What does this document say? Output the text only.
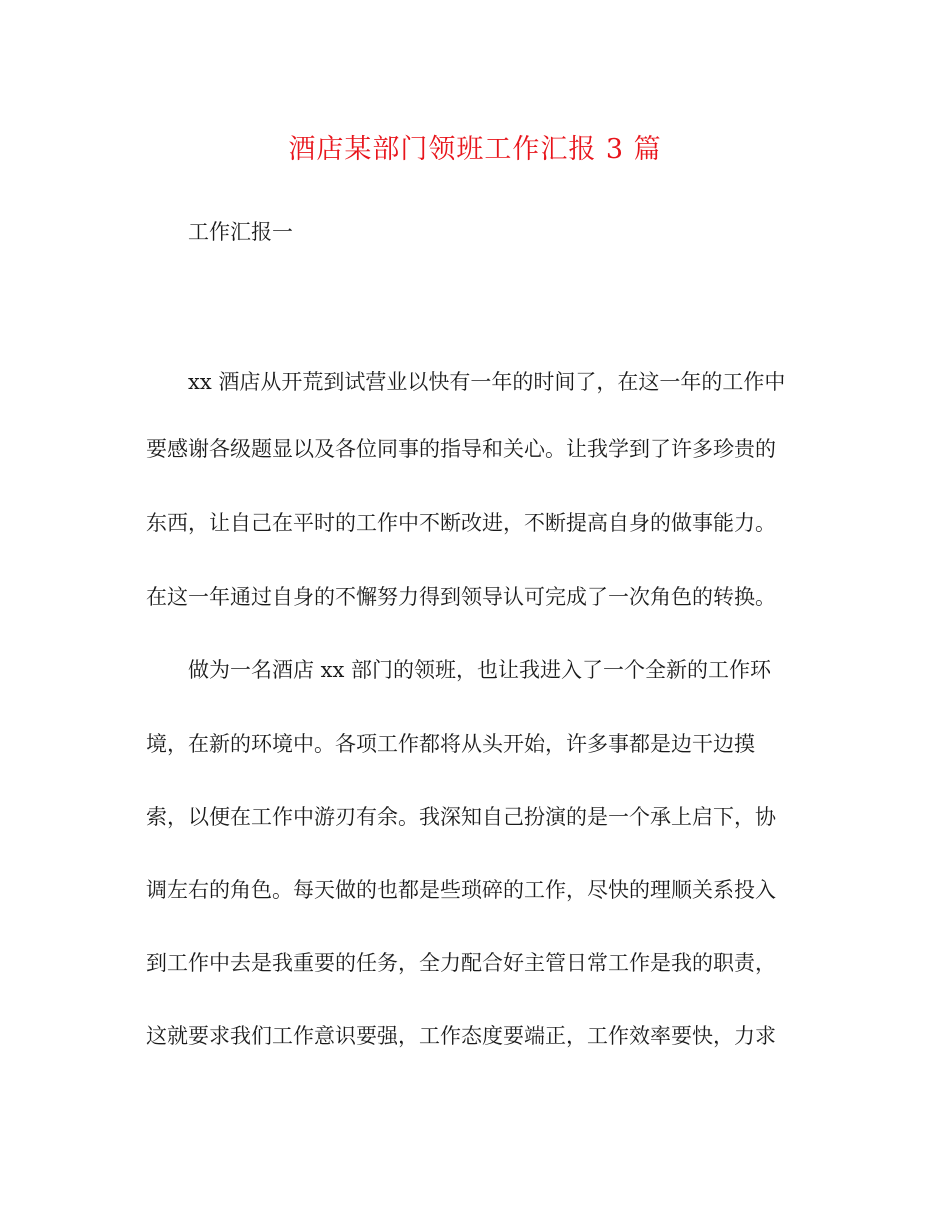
酒店某部门领班工作汇报 3 篇

工作汇报一

xx 酒店从开荒到试营业以快有一年的时间了，在这一年的工作中

要感谢各级题显以及各位同事的指导和关心。让我学到了许多珍贵的

东西，让自己在平时的工作中不断改进，不断提高自身的做事能力。

在这一年通过自身的不懈努力得到领导认可完成了一次角色的转换。

做为一名酒店 xx 部门的领班，也让我进入了一个全新的工作环

境，在新的环境中。各项工作都将从头开始，许多事都是边干边摸

索，以便在工作中游刃有余。我深知自己扮演的是一个承上启下，协

调左右的角色。每天做的也都是些琐碎的工作，尽快的理顺关系投入

到工作中去是我重要的任务，全力配合好主管日常工作是我的职责，

这就要求我们工作意识要强，工作态度要端正，工作效率要快，力求
